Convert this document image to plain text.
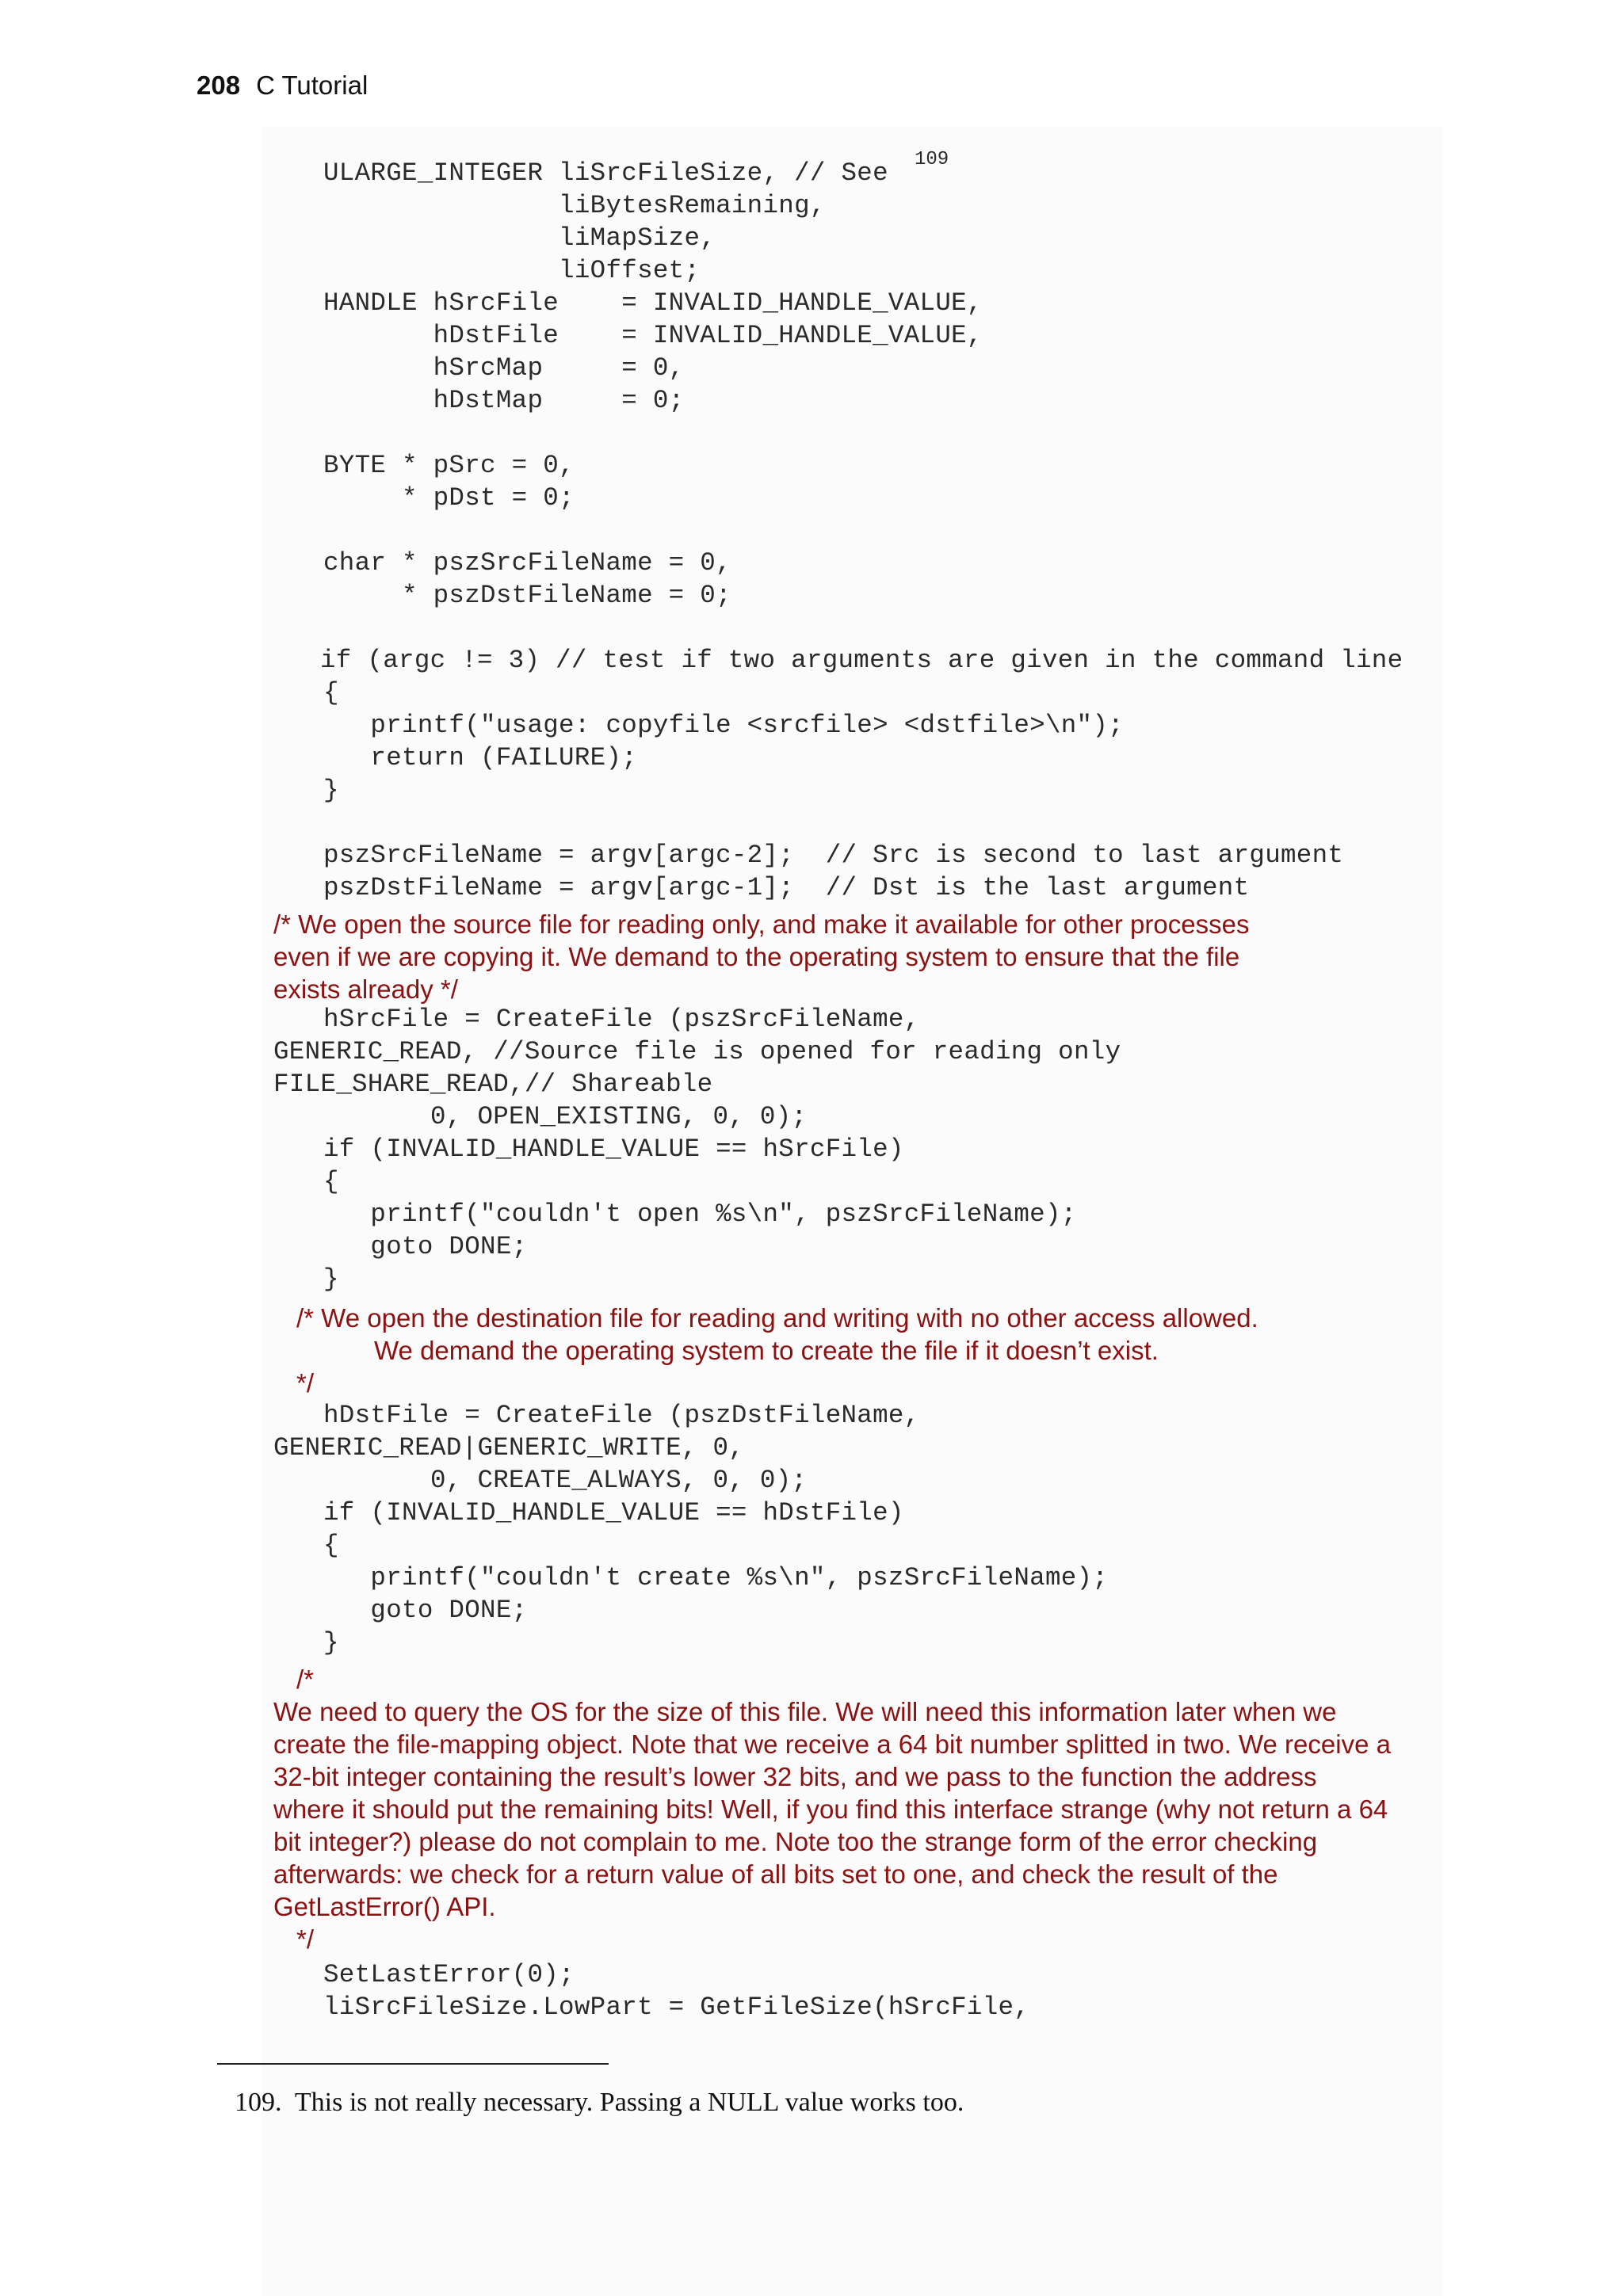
208 C Tutorial
ULARGE_INTEGER liSrcFileSize, // See 109
liBytesRemaining,
liMapSize,
liOffset;
HANDLE hSrcFile    = INVALID_HANDLE_VALUE,
hDstFile    = INVALID_HANDLE_VALUE,
hSrcMap     = 0,
hDstMap     = 0;
BYTE * pSrc = 0,
* pDst = 0;
char * pszSrcFileName = 0,
* pszDstFileName = 0;
if (argc != 3) // test if two arguments are given in the command line
{
printf("usage: copyfile <srcfile> <dstfile>\n");
return (FAILURE);
}
pszSrcFileName = argv[argc-2];  // Src is second to last argument
pszDstFileName = argv[argc-1];  // Dst is the last argument
/* We open the source file for reading only, and make it available for other processes
even if we are copying it. We demand to the operating system to ensure that the file
exists already */
hSrcFile = CreateFile (pszSrcFileName,
GENERIC_READ, //Source file is opened for reading only
FILE_SHARE_READ,// Shareable
0, OPEN_EXISTING, 0, 0);
if (INVALID_HANDLE_VALUE == hSrcFile)
{
printf("couldn't open %s\n", pszSrcFileName);
goto DONE;
}
/* We open the destination file for reading and writing with no other access allowed.
We demand the operating system to create the file if it doesn’t exist.
*/
hDstFile = CreateFile (pszDstFileName,
GENERIC_READ|GENERIC_WRITE, 0,
0, CREATE_ALWAYS, 0, 0);
if (INVALID_HANDLE_VALUE == hDstFile)
{
printf("couldn't create %s\n", pszSrcFileName);
goto DONE;
}
/*
We need to query the OS for the size of this file. We will need this information later when we
create the file-mapping object. Note that we receive a 64 bit number splitted in two. We receive a
32-bit integer containing the result’s lower 32 bits, and we pass to the function the address
where it should put the remaining bits! Well, if you find this interface strange (why not return a 64
bit integer?) please do not complain to me. Note too the strange form of the error checking
afterwards: we check for a return value of all bits set to one, and check the result of the
GetLastError() API.
*/
SetLastError(0);
liSrcFileSize.LowPart = GetFileSize(hSrcFile,
109.  This is not really necessary. Passing a NULL value works too.
